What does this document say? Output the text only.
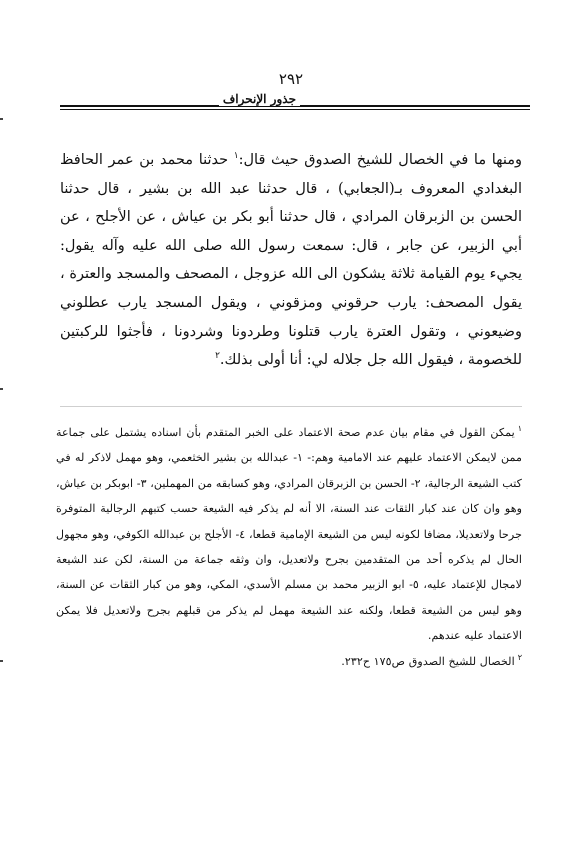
٢٩٢
جذور الإنحراف

ومنها ما في الخصال للشيخ الصدوق حيث قال:$^١$ حدثنا محمد بن عمر الحافظ البغدادي المعروف بـ(الجعابي) ، قال حدثنا عبد الله بن بشير ، قال حدثنا الحسن بن الزبرقان المرادي ، قال حدثنا أبو بكر بن عياش ، عن الأجلح ، عن أبي الزبير، عن جابر ، قال: سمعت رسول الله صلى الله عليه وآله يقول: يجيء يوم القيامة ثلاثة يشكون الى الله عزوجل ، المصحف والمسجد والعترة ، يقول المصحف: يارب حرقوني ومزقوني ، ويقول المسجد يارب عطلوني وضيعوني ، وتقول العترة يارب قتلونا وطردونا وشردونا ، فأجثوا للركبتين للخصومة ، فيقول الله جل جلاله لي: أنا أولى بذلك.$^٢$

$^١$يمكن القول في مقام بيان عدم صحة الاعتماد على الخبر المتقدم بأن اسناده يشتمل على جماعة ممن لايمكن الاعتماد عليهم عند الامامية وهم:- ١- عبدالله بن بشير الخثعمي، وهو مهمل لاذكر له في كتب الشيعة الرجالية، ٢- الحسن بن الزبرقان المرادي، وهو كسابقه من المهملين، ٣- ابوبكر بن عياش، وهو وان كان عند كبار الثقات عند السنة، الا أنه لم يذكر فيه الشيعة حسب كتبهم الرجالية المتوفرة جرحا ولاتعديلا، مضافا لكونه ليس من الشيعة الإمامية قطعا، ٤- الأجلح بن عبدالله الكوفي، وهو مجهول الحال لم يذكره أحد من المتقدمين بجرح ولاتعديل، وان وثقه جماعة من السنة، لكن عند الشيعة لامجال للإعتماد عليه، ٥- ابو الزبير محمد بن مسلم الأسدي، المكي، وهو من كبار الثقات عن السنة، وهو ليس من الشيعة قطعا، ولكنه عند الشيعة مهمل لم يذكر من قبلهم بجرح ولاتعديل فلا يمكن الاعتماد عليه عندهم.

$^٢$الخصال للشيخ الصدوق ص١٧٥ ح٢٣٢.
